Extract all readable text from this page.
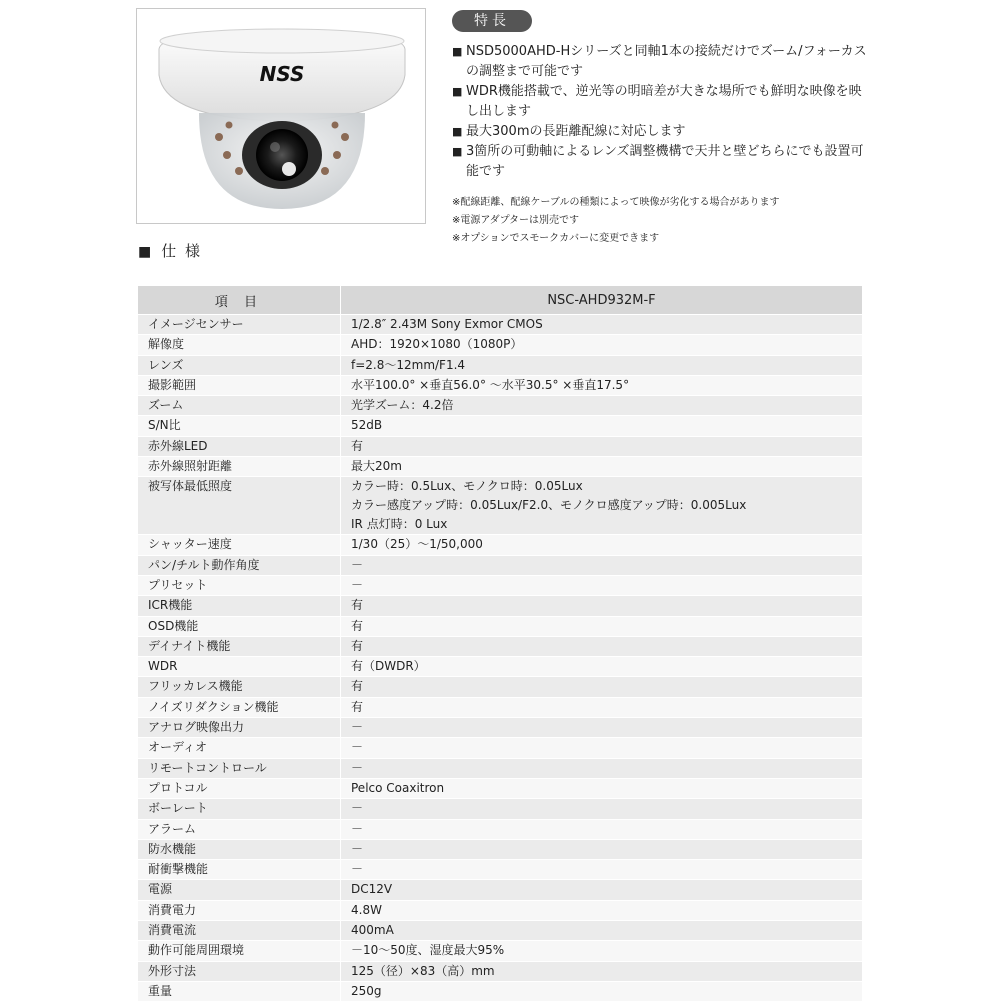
NSS
特長
■ NSD5000AHD-Hシリーズと同軸1本の接続だけでズーム/フォーカスの調整まで可能です
■ WDR機能搭載で、逆光等の明暗差が大きな場所でも鮮明な映像を映し出します
■ 最大300mの長距離配線に対応します
■ 3箇所の可動軸によるレンズ調整機構で天井と壁どちらにでも設置可能です
※配線距離、配線ケーブルの種類によって映像が劣化する場合があります
※電源アダプターは別売です
※オプションでスモークカバーに変更できます
■ 仕 様
項 目	NSC-AHD932M-F
イメージセンサー	1/2.8″ 2.43M Sony Exmor CMOS

解像度	AHD：1920×1080（1080P）

レンズ	f=2.8～12mm/F1.4

撮影範囲	水平100.0° ×垂直56.0° ～水平30.5° ×垂直17.5°

ズーム	光学ズーム：4.2倍

S/N比	52dB

赤外線LED	有

赤外線照射距離	最大20m

被写体最低照度	カラー時：0.5Lux、モノクロ時：0.05Lux
カラー感度アップ時：0.05Lux/F2.0、モノクロ感度アップ時：0.005Lux
IR 点灯時：0 Lux

シャッター速度	1/30（25）～1/50,000

パン/チルト動作角度	－

プリセット	－

ICR機能	有

OSD機能	有

デイナイト機能	有

WDR	有（DWDR）

フリッカレス機能	有

ノイズリダクション機能	有

アナログ映像出力	－

オーディオ	－

リモートコントロール	－

プロトコル	Pelco Coaxitron

ボーレート	－

アラーム	－

防水機能	－

耐衝撃機能	－

電源	DC12V

消費電力	4.8W

消費電流	400mA

動作可能周囲環境	－10～50度、湿度最大95%

外形寸法	125（径）×83（高）mm

重量	250g
